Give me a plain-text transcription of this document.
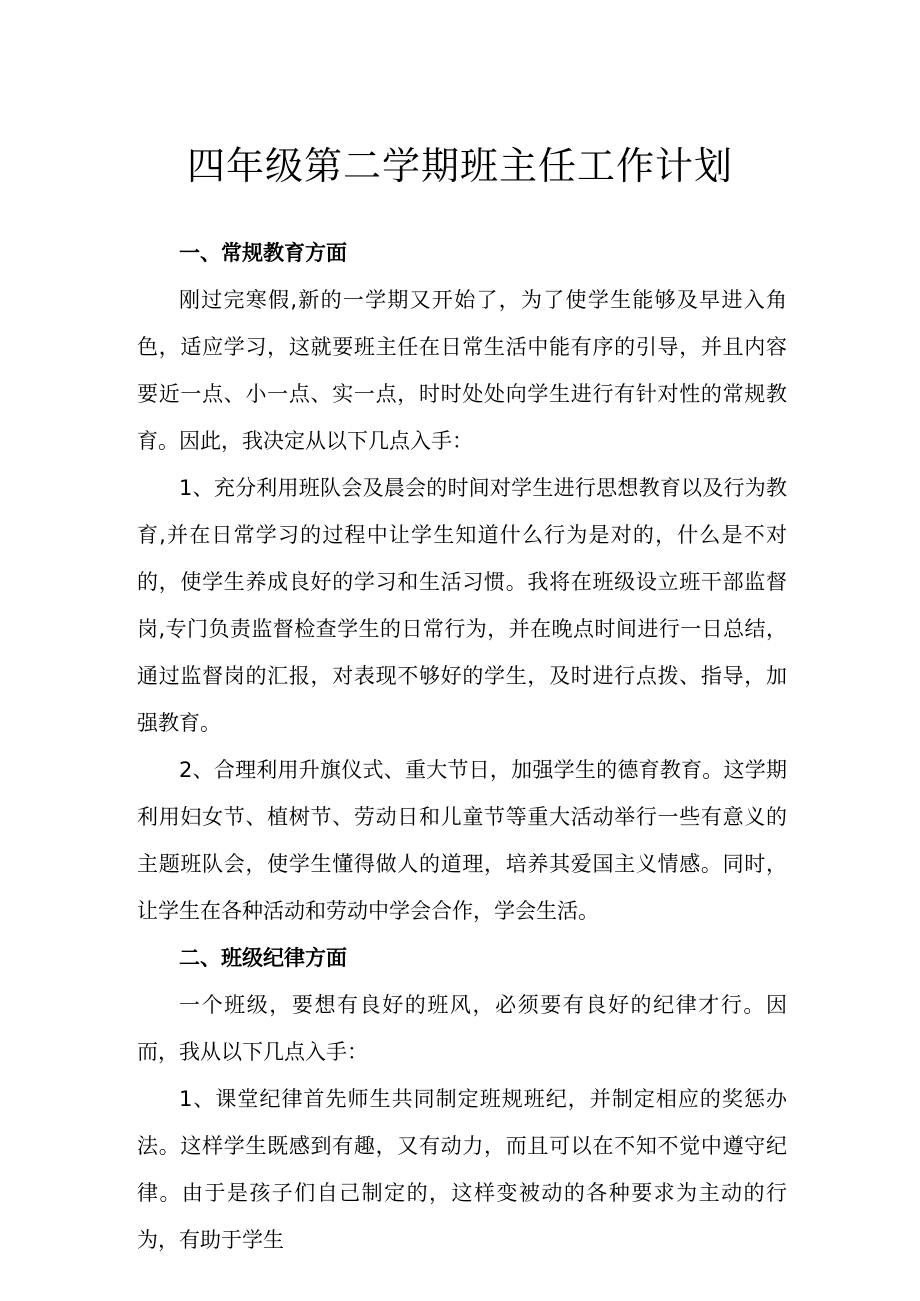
四年级第二学期班主任工作计划

一、常规教育方面

刚过完寒假,新的一学期又开始了，为了使学生能够及早进入角色，适应学习，这就要班主任在日常生活中能有序的引导，并且内容要近一点、小一点、实一点，时时处处向学生进行有针对性的常规教育。因此，我决定从以下几点入手：

1、充分利用班队会及晨会的时间对学生进行思想教育以及行为教育,并在日常学习的过程中让学生知道什么行为是对的，什么是不对的，使学生养成良好的学习和生活习惯。我将在班级设立班干部监督岗,专门负责监督检查学生的日常行为，并在晚点时间进行一日总结，通过监督岗的汇报，对表现不够好的学生，及时进行点拨、指导，加强教育。

2、合理利用升旗仪式、重大节日，加强学生的德育教育。这学期利用妇女节、植树节、劳动日和儿童节等重大活动举行一些有意义的主题班队会，使学生懂得做人的道理，培养其爱国主义情感。同时，让学生在各种活动和劳动中学会合作，学会生活。

二、班级纪律方面

一个班级，要想有良好的班风，必须要有良好的纪律才行。因而，我从以下几点入手：

1、课堂纪律首先师生共同制定班规班纪，并制定相应的奖惩办法。这样学生既感到有趣，又有动力，而且可以在不知不觉中遵守纪律。由于是孩子们自己制定的，这样变被动的各种要求为主动的行为，有助于学生
